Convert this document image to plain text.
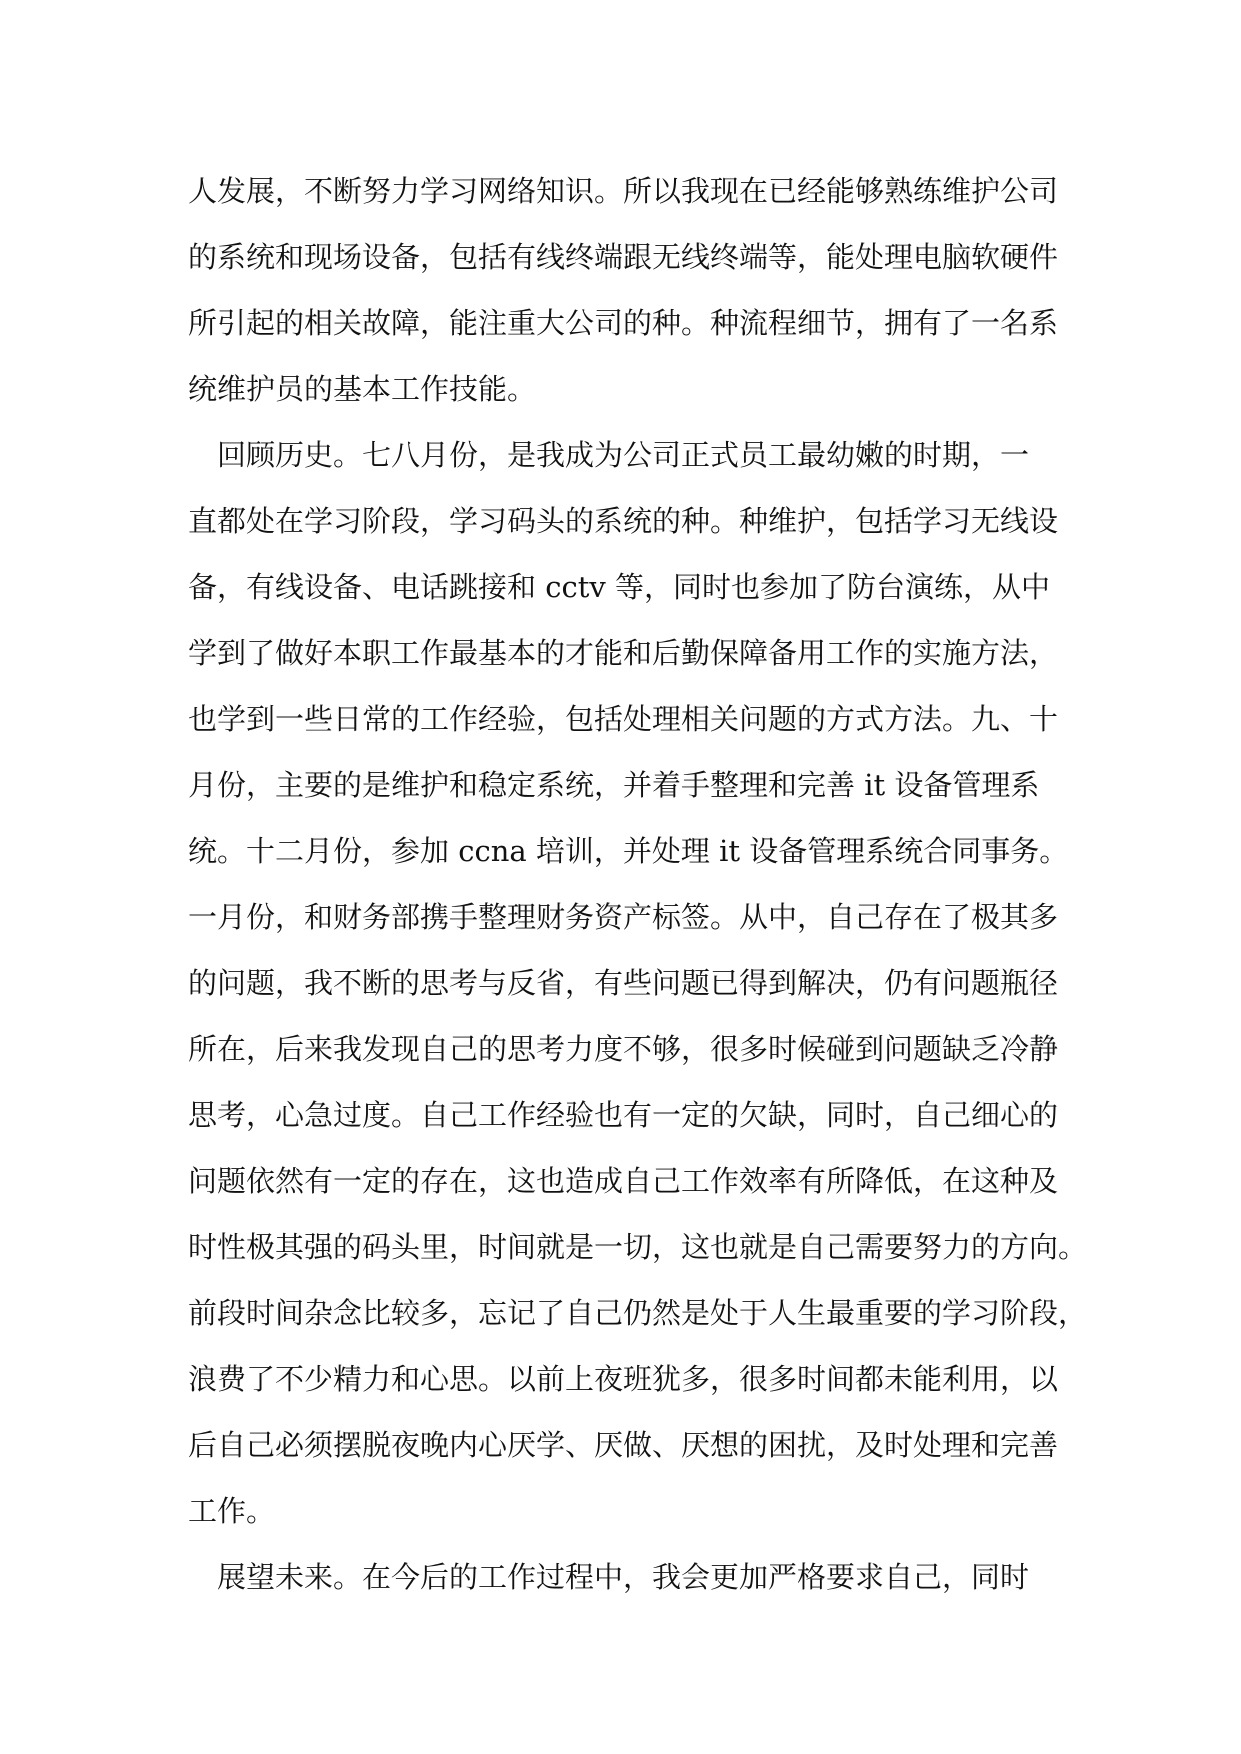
人发展，不断努力学习网络知识。所以我现在已经能够熟练维护公司
的系统和现场设备，包括有线终端跟无线终端等，能处理电脑软硬件
所引起的相关故障，能注重大公司的种。种流程细节，拥有了一名系
统维护员的基本工作技能。
　回顾历史。七八月份，是我成为公司正式员工最幼嫩的时期，一
直都处在学习阶段，学习码头的系统的种。种维护，包括学习无线设
备，有线设备、电话跳接和 cctv 等，同时也参加了防台演练，从中
学到了做好本职工作最基本的才能和后勤保障备用工作的实施方法，
也学到一些日常的工作经验，包括处理相关问题的方式方法。九、十
月份，主要的是维护和稳定系统，并着手整理和完善 it 设备管理系
统。十二月份，参加 ccna 培训，并处理 it 设备管理系统合同事务。
一月份，和财务部携手整理财务资产标签。从中，自己存在了极其多
的问题，我不断的思考与反省，有些问题已得到解决，仍有问题瓶径
所在，后来我发现自己的思考力度不够，很多时候碰到问题缺乏冷静
思考，心急过度。自己工作经验也有一定的欠缺，同时，自己细心的
问题依然有一定的存在，这也造成自己工作效率有所降低，在这种及
时性极其强的码头里，时间就是一切，这也就是自己需要努力的方向。
前段时间杂念比较多，忘记了自己仍然是处于人生最重要的学习阶段，
浪费了不少精力和心思。以前上夜班犹多，很多时间都未能利用，以
后自己必须摆脱夜晚内心厌学、厌做、厌想的困扰，及时处理和完善
工作。
　展望未来。在今后的工作过程中，我会更加严格要求自己，同时
